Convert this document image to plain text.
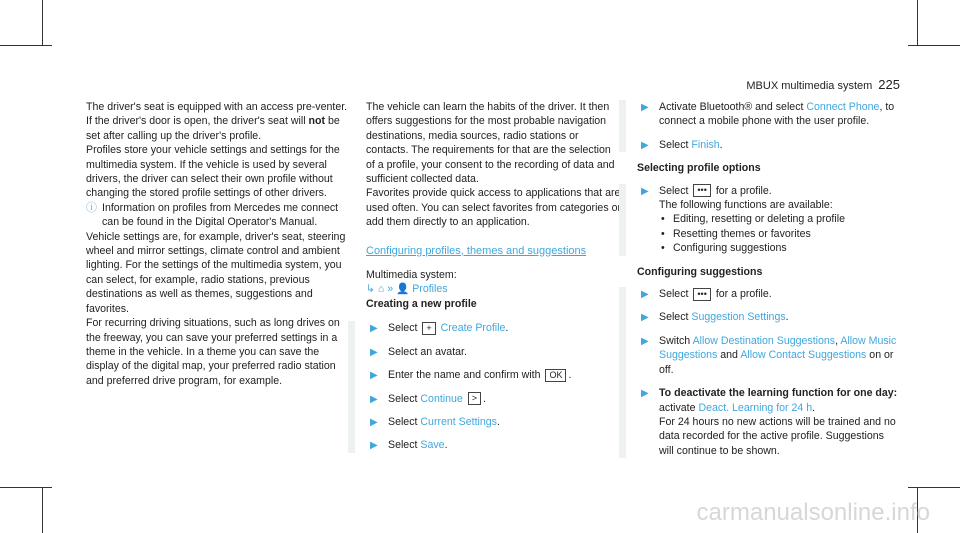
MBUX multimedia system 225

The driver's seat is equipped with an access pre-venter.

If the driver's door is open, the driver's seat will not be set after calling up the driver's profile.

Profiles store your vehicle settings and settings for the multimedia system. If the vehicle is used by several drivers, the driver can select their own profile without changing the stored profile settings of other drivers.

ⓘ Information on profiles from Mercedes me connect can be found in the Digital Operator's Manual.

Vehicle settings are, for example, driver's seat, steering wheel and mirror settings, climate control and ambient lighting. For the settings of the multimedia system, you can select, for example, radio stations, previous destinations as well as themes, suggestions and favorites.

For recurring driving situations, such as long drives on the freeway, you can save your preferred settings in a theme in the vehicle. In a theme you can save the display of the digital map, your preferred radio station and preferred drive program, for example.

The vehicle can learn the habits of the driver. It then offers suggestions for the most probable navigation destinations, media sources, radio stations or contacts. The requirements for that are the selection of a profile, your consent to the recording of data and sufficient collected data.

Favorites provide quick access to applications that are used often. You can select favorites from categories or add them directly to an application.

Configuring profiles, themes and suggestions

Multimedia system:

↳ ⌂ » 👤 Profiles

Creating a new profile

▶ Select + Create Profile.
▶ Select an avatar.
▶ Enter the name and confirm with OK .
▶ Select Continue > .
▶ Select Current Settings.
▶ Select Save.
▶ Activate Bluetooth® and select Connect Phone, to connect a mobile phone with the user profile.
▶ Select Finish.

Selecting profile options

▶ Select ••• for a profile.
The following functions are available:
• Editing, resetting or deleting a profile
• Resetting themes or favorites
• Configuring suggestions

Configuring suggestions

▶ Select ••• for a profile.
▶ Select Suggestion Settings.
▶ Switch Allow Destination Suggestions, Allow Music Suggestions and Allow Contact Suggestions on or off.
▶ To deactivate the learning function for one day: activate Deact. Learning for 24 h.
For 24 hours no new actions will be trained and no data recorded for the active profile. Suggestions will continue to be shown.
carmanualsonline.info
